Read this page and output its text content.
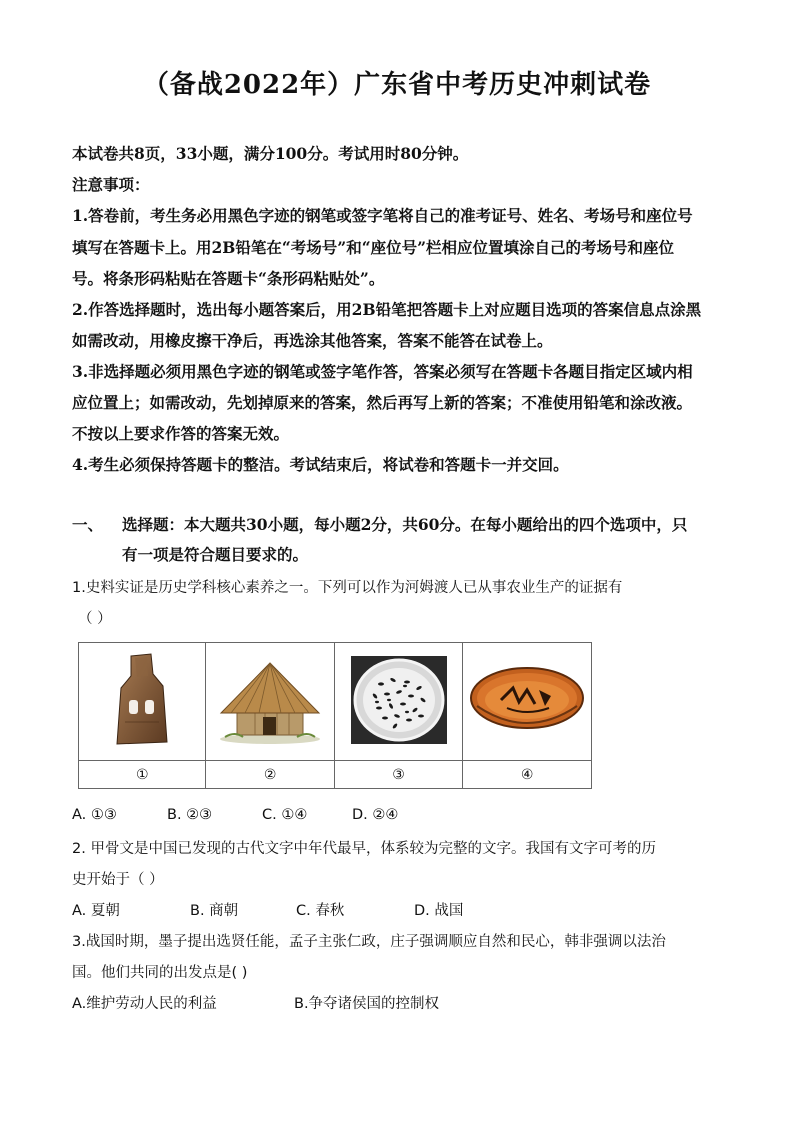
（备战2022年）广东省中考历史冲刺试卷
本试卷共8页，33小题，满分100分。考试用时80分钟。
注意事项：
1.答卷前，考生务必用黑色字迹的钢笔或签字笔将自己的准考证号、姓名、考场号和座位号
填写在答题卡上。用2B铅笔在“考场号”和“座位号”栏相应位置填涂自己的考场号和座位
号。将条形码粘贴在答题卡“条形码粘贴处”。
2.作答选择题时，选出每小题答案后，用2B铅笔把答题卡上对应题目选项的答案信息点涂黑
如需改动，用橡皮擦干净后，再选涂其他答案，答案不能答在试卷上。
3.非选择题必须用黑色字迹的钢笔或签字笔作答，答案必须写在答题卡各题目指定区域内相
应位置上；如需改动，先划掉原来的答案，然后再写上新的答案；不准使用铅笔和涂改液。
不按以上要求作答的答案无效。
4.考生必须保持答题卡的整洁。考试结束后，将试卷和答题卡一并交回。
一、 选择题：本大题共30小题，每小题2分，共60分。在每小题给出的四个选项中，只
有一项是符合题目要求的。
1.史料实证是历史学科核心素养之一。下列可以作为河姆渡人已从事农业生产的证据有
（ ）

①	②	③	④
A. ①③	B. ②③	C. ①④	D. ②④
2. 甲骨文是中国已发现的古代文字中年代最早，体系较为完整的文字。我国有文字可考的历
史开始于（ ）
A. 夏朝	B. 商朝	C. 春秋	D. 战国
3.战国时期，墨子提出选贤任能，孟子主张仁政，庄子强调顺应自然和民心，韩非强调以法治
国。他们共同的出发点是( )
A.维护劳动人民的利益	B.争夺诸侯国的控制权
